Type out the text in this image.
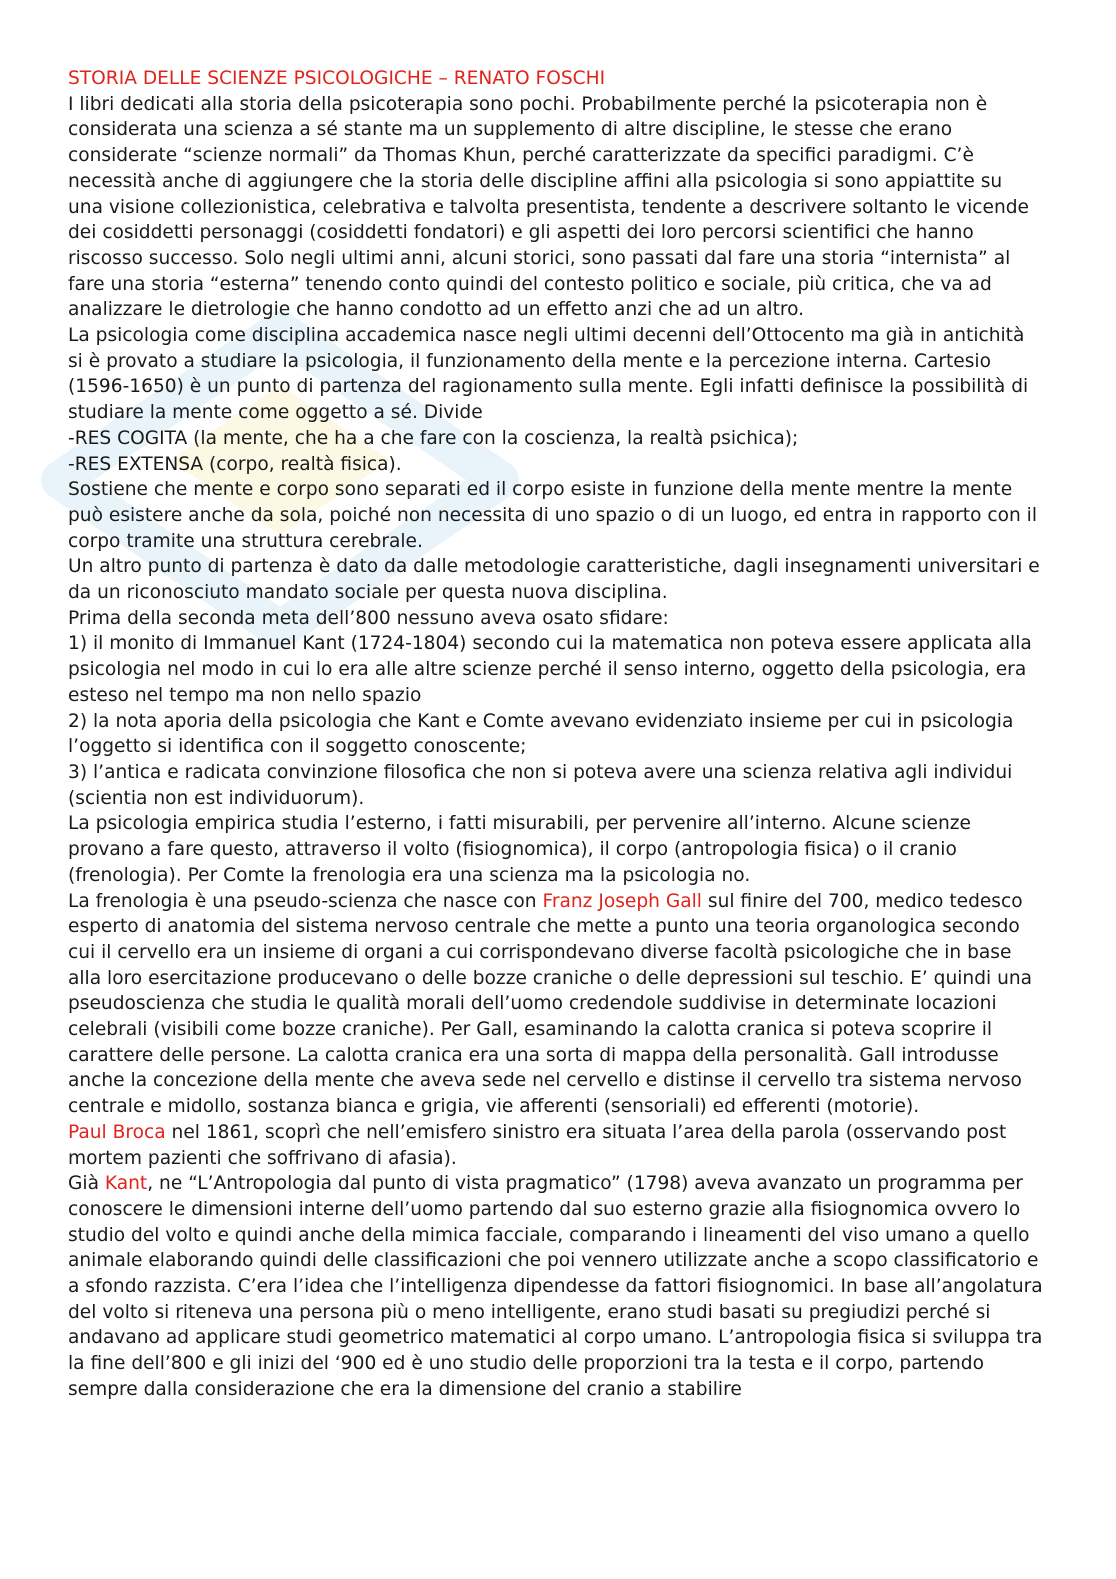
STORIA DELLE SCIENZE PSICOLOGICHE – RENATO FOSCHI

I libri dedicati alla storia della psicoterapia sono pochi. Probabilmente perché la psicoterapia non è considerata una scienza a sé stante ma un supplemento di altre discipline, le stesse che erano considerate “scienze normali” da Thomas Khun, perché caratterizzate da specifici paradigmi. C’è necessità anche di aggiungere che la storia delle discipline affini alla psicologia si sono appiattite su una visione collezionistica, celebrativa e talvolta presentista, tendente a descrivere soltanto le vicende dei cosiddetti personaggi (cosiddetti fondatori) e gli aspetti dei loro percorsi scientifici che hanno riscosso successo. Solo negli ultimi anni, alcuni storici, sono passati dal fare una storia “internista” al fare una storia “esterna” tenendo conto quindi del contesto politico e sociale, più critica, che va ad analizzare le dietrologie che hanno condotto ad un effetto anzi che ad un altro.

La psicologia come disciplina accademica nasce negli ultimi decenni dell’Ottocento ma già in antichità si è provato a studiare la psicologia, il funzionamento della mente e la percezione interna. Cartesio (1596-1650) è un punto di partenza del ragionamento sulla mente. Egli infatti definisce la possibilità di studiare la mente come oggetto a sé. Divide

-RES COGITA (la mente, che ha a che fare con la coscienza, la realtà psichica);

-RES EXTENSA (corpo, realtà fisica).

Sostiene che mente e corpo sono separati ed il corpo esiste in funzione della mente mentre la mente può esistere anche da sola, poiché non necessita di uno spazio o di un luogo, ed entra in rapporto con il corpo tramite una struttura cerebrale.

Un altro punto di partenza è dato da dalle metodologie caratteristiche, dagli insegnamenti universitari e da un riconosciuto mandato sociale per questa nuova disciplina.

Prima della seconda meta dell’800 nessuno aveva osato sfidare:

1) il monito di Immanuel Kant (1724-1804) secondo cui la matematica non poteva essere applicata alla psicologia nel modo in cui lo era alle altre scienze perché il senso interno, oggetto della psicologia, era esteso nel tempo ma non nello spazio

2) la nota aporia della psicologia che Kant e Comte avevano evidenziato insieme per cui in psicologia l’oggetto si identifica con il soggetto conoscente;

3) l’antica e radicata convinzione filosofica che non si poteva avere una scienza relativa agli individui (scientia non est individuorum).

La psicologia empirica studia l’esterno, i fatti misurabili, per pervenire all’interno. Alcune scienze provano a fare questo, attraverso il volto (fisiognomica), il corpo (antropologia fisica) o il cranio (frenologia). Per Comte la frenologia era una scienza ma la psicologia no.

La frenologia è una pseudo-scienza che nasce con Franz Joseph Gall sul finire del 700, medico tedesco esperto di anatomia del sistema nervoso centrale che mette a punto una teoria organologica secondo cui il cervello era un insieme di organi a cui corrispondevano diverse facoltà psicologiche che in base alla loro esercitazione producevano o delle bozze craniche o delle depressioni sul teschio. E’ quindi una pseudoscienza che studia le qualità morali dell’uomo credendole suddivise in determinate locazioni celebrali (visibili come bozze craniche). Per Gall, esaminando la calotta cranica si poteva scoprire il carattere delle persone. La calotta cranica era una sorta di mappa della personalità. Gall introdusse anche la concezione della mente che aveva sede nel cervello e distinse il cervello tra sistema nervoso centrale e midollo, sostanza bianca e grigia, vie afferenti (sensoriali) ed efferenti (motorie).

Paul Broca nel 1861, scoprì che nell’emisfero sinistro era situata l’area della parola (osservando post mortem pazienti che soffrivano di afasia).

Già Kant, ne “L’Antropologia dal punto di vista pragmatico” (1798) aveva avanzato un programma per conoscere le dimensioni interne dell’uomo partendo dal suo esterno grazie alla fisiognomica ovvero lo studio del volto e quindi anche della mimica facciale, comparando i lineamenti del viso umano a quello animale elaborando quindi delle classificazioni che poi vennero utilizzate anche a scopo classificatorio e a sfondo razzista. C’era l’idea che l’intelligenza dipendesse da fattori fisiognomici. In base all’angolatura del volto si riteneva una persona più o meno intelligente, erano studi basati su pregiudizi perché si andavano ad applicare studi geometrico matematici al corpo umano. L’antropologia fisica si sviluppa tra la fine dell’800 e gli inizi del ‘900 ed è uno studio delle proporzioni tra la testa e il corpo, partendo sempre dalla considerazione che era la dimensione del cranio a stabilire
